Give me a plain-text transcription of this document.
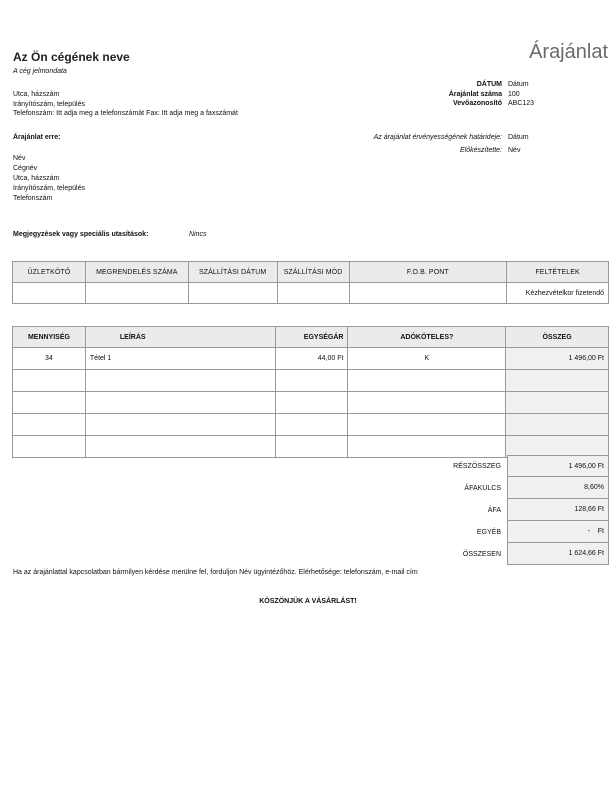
Az Ön cégének neve
A cég jelmondata
Árajánlat
Utca, házszám
Irányítószám, település
Telefonszám: Itt adja meg a telefonszámát Fax: Itt adja meg a faxszámát
DÁTUM Dátum
Árajánlat száma 100
Vevőazonosító ABC123
Árajánlat erre:	Az árajánlat érvényességének határideje: Dátum
Előkészítette: Név
Név
Cégnév
Utca, házszám
Irányítószám, település
Telefonszám
Megjegyzések vagy speciális utasítások:	Nincs
ÜZLETKÖTŐ	MEGRENDELÉS SZÁMA	SZÁLLÍTÁSI DÁTUM	SZÁLLÍTÁSI MÓD	F.O.B. PONT	FELTÉTELEK
					Kézhezvételkor fizetendő
MENNYISÉG	LEÍRÁS	EGYSÉGÁR	ADÓKÖTELES?	ÖSSZEG
34	Tétel 1	44,00 Ft	K	1 496,00 Ft

RÉSZÖSSZEG	1 496,00 Ft
ÁFAKULCS	8,60%
ÁFA	128,66 Ft
EGYÉB	-    Ft
ÖSSZESEN	1 624,66 Ft
Ha az árajánlattal kapcsolatban bármilyen kérdése merülne fel, forduljon Név ügyintézőhöz. Elérhetősége: telefonszám, e-mail cím
KÖSZÖNJÜK A VÁSÁRLÁST!
